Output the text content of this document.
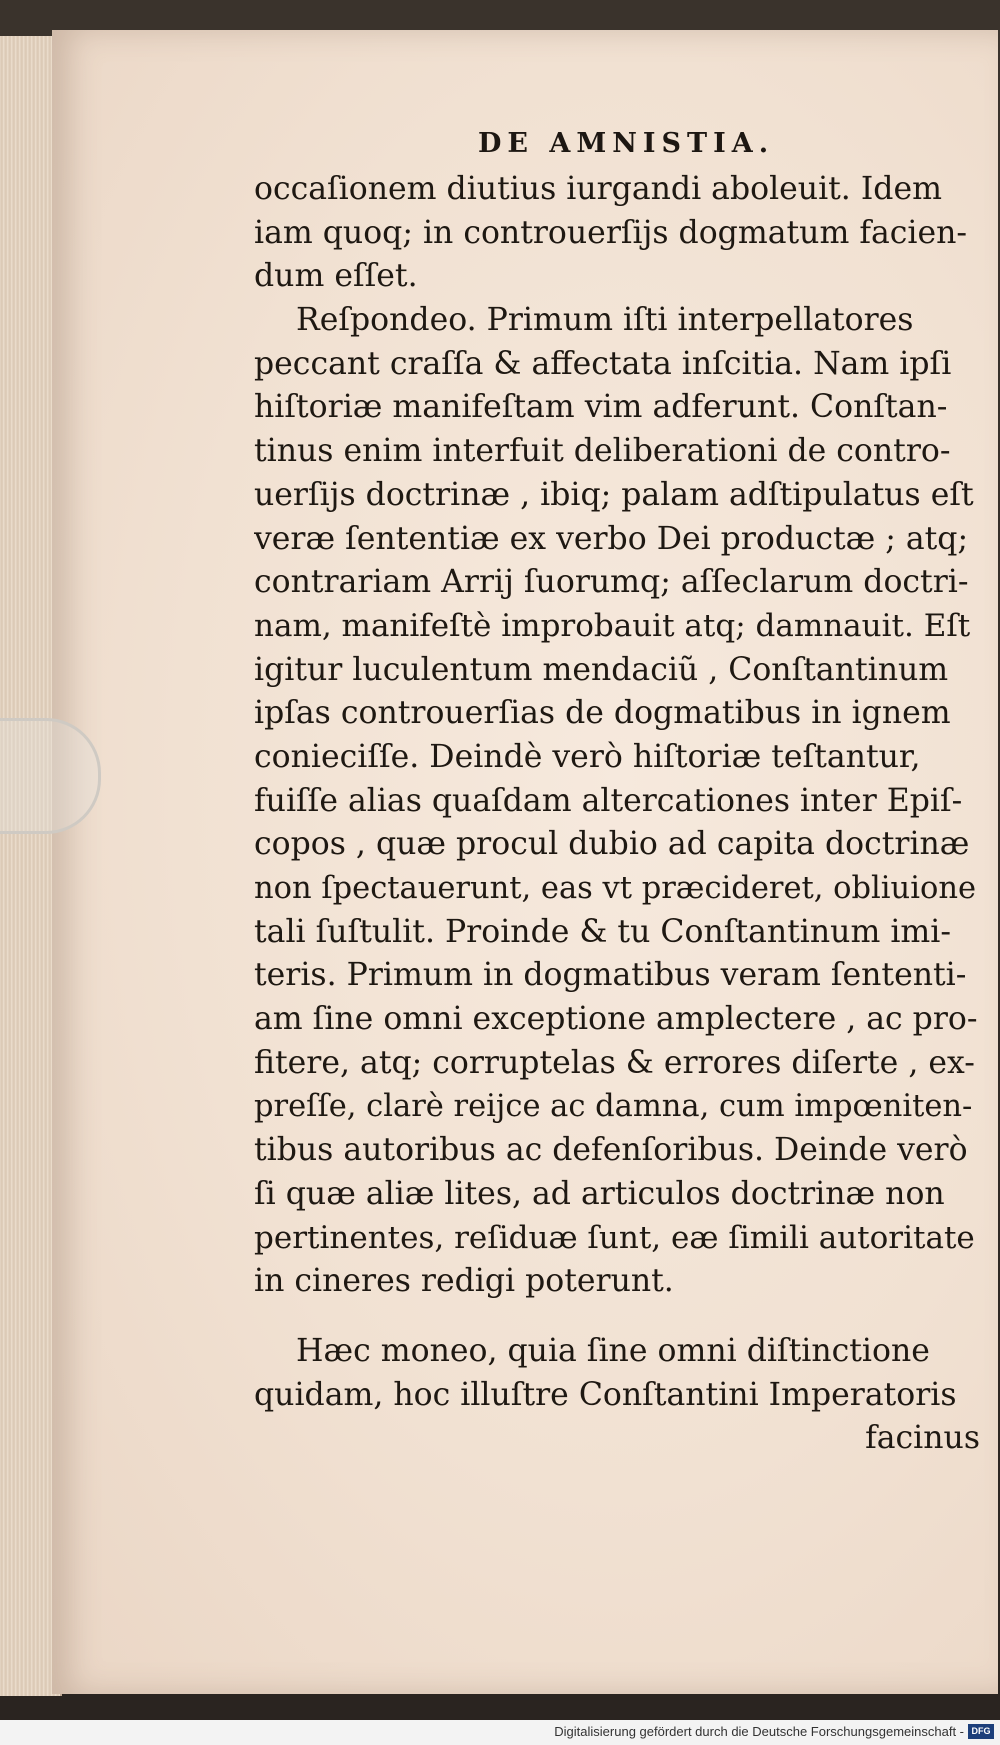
DE AMNISTIA.
occaſionem diutius iurgandi aboleuit. Idem
iam quoq; in controuerſijs dogmatum facien-
dum eſſet.
Reſpondeo. Primum iſti interpellatores
peccant craſſa & affectata inſcitia. Nam ipſi
hiſtoriæ manifeſtam vim adferunt. Conſtan-
tinus enim interfuit deliberationi de contro-
uerſijs doctrinæ , ibiq; palam adſtipulatus eſt
veræ ſententiæ ex verbo Dei productæ ; atq;
contrariam Arrij ſuorumq; aſſeclarum doctri-
nam, manifeſtè improbauit atq; damnauit. Eſt
igitur luculentum mendaciũ , Conſtantinum
ipſas controuerſias de dogmatibus in ignem
conieciſſe. Deindè verò hiſtoriæ teſtantur,
fuiſſe alias quaſdam altercationes inter Epiſ-
copos , quæ procul dubio ad capita doctrinæ
non ſpectauerunt, eas vt præcideret, obliuione
tali ſuſtulit. Proinde & tu Conſtantinum imi-
teris. Primum in dogmatibus veram ſententi-
am ſine omni exceptione amplectere , ac pro-
fitere, atq; corruptelas & errores diſerte , ex-
preſſe, clarè reijce ac damna, cum impœniten-
tibus autoribus ac defenſoribus. Deinde verò
ſi quæ aliæ lites, ad articulos doctrinæ non
pertinentes, reſiduæ ſunt, eæ ſimili autoritate
in cineres redigi poterunt.
Hæc moneo, quia ſine omni diſtinctione
quidam, hoc illuſtre Conſtantini Imperatoris
facinus
Digitalisierung gefördert durch die Deutsche Forschungsgemeinschaft - DFG
